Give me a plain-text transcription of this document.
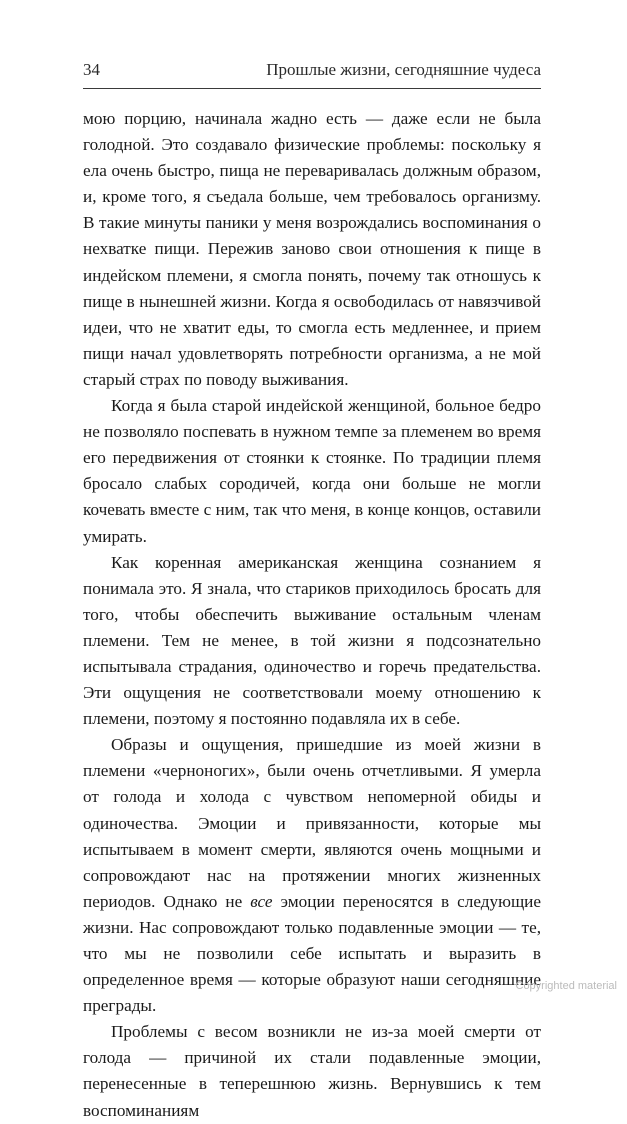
34	Прошлые жизни, сегодняшние чудеса

мою порцию, начинала жадно есть — даже если не была голодной. Это создавало физические проблемы: поскольку я ела очень быстро, пища не переваривалась должным образом, и, кроме того, я съедала больше, чем требовалось организму. В такие минуты паники у меня возрождались воспоминания о нехватке пищи. Пережив заново свои отношения к пище в индейском племени, я смогла понять, почему так отношусь к пище в нынешней жизни. Когда я освободилась от навязчивой идеи, что не хватит еды, то смогла есть медленнее, и прием пищи начал удовлетворять потребности организма, а не мой старый страх по поводу выживания.

Когда я была старой индейской женщиной, больное бедро не позволяло поспевать в нужном темпе за племенем во время его передвижения от стоянки к стоянке. По традиции племя бросало слабых сородичей, когда они больше не могли кочевать вместе с ним, так что меня, в конце концов, оставили умирать.

Как коренная американская женщина сознанием я понимала это. Я знала, что стариков приходилось бросать для того, чтобы обеспечить выживание остальным членам племени. Тем не менее, в той жизни я подсознательно испытывала страдания, одиночество и горечь предательства. Эти ощущения не соответствовали моему отношению к племени, поэтому я постоянно подавляла их в себе.

Образы и ощущения, пришедшие из моей жизни в племени «черноногих», были очень отчетливыми. Я умерла от голода и холода с чувством непомерной обиды и одиночества. Эмоции и привязанности, которые мы испытываем в момент смерти, являются очень мощными и сопровождают нас на протяжении многих жизненных периодов. Однако не все эмоции переносятся в следующие жизни. Нас сопровождают только подавленные эмоции — те, что мы не позволили себе испытать и выразить в определенное время — которые образуют наши сегодняшние преграды.

Проблемы с весом возникли не из-за моей смерти от голода — причиной их стали подавленные эмоции, перенесенные в теперешнюю жизнь. Вернувшись к тем воспоминаниям

Copyrighted material
